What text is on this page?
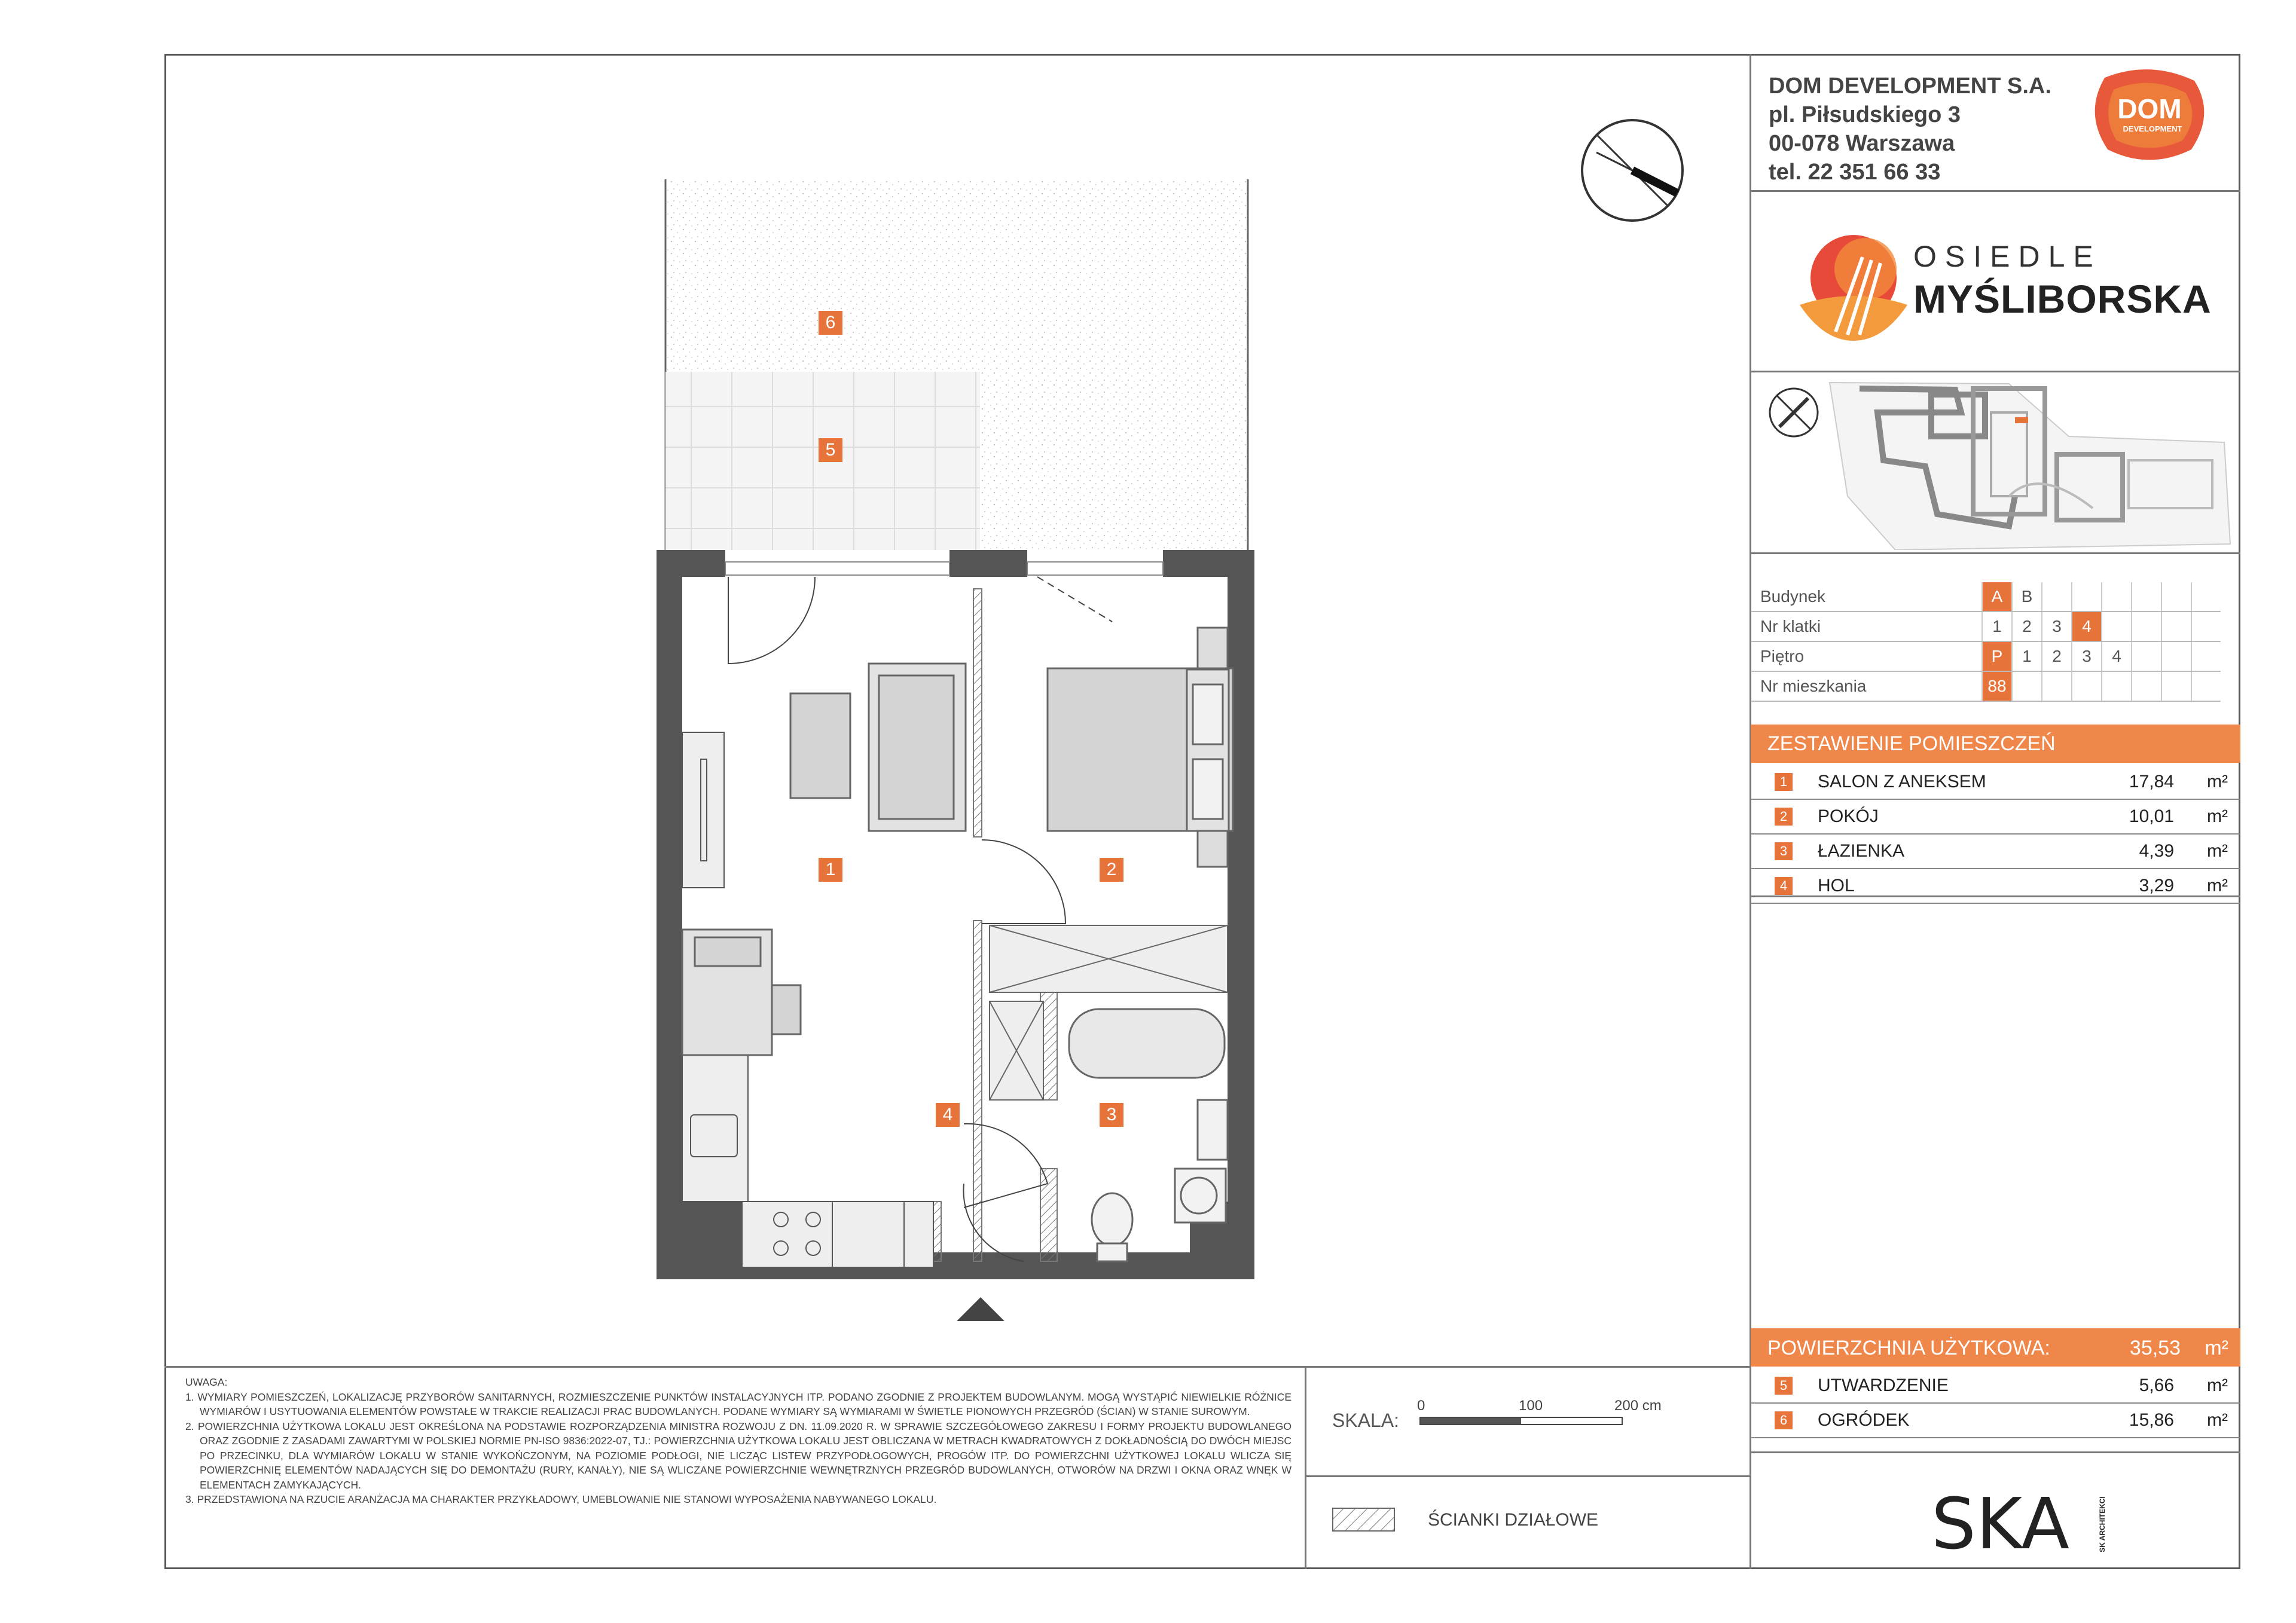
DOM DEVELOPMENT S.A.
pl. Piłsudskiego 3
00-078 Warszawa
tel. 22 351 66 33
DOM
DEVELOPMENT
OSIEDLE
MYŚLIBORSKA
Budynek	A	B						
Nr klatki	1	2	3	4				
Piętro	P	1	2	3	4			
Nr mieszkania	88							
ZESTAWIENIE POMIESZCZEŃ
1 SALON Z ANEKSEM	17,84 m²
2 POKÓJ	10,01 m²
3 ŁAZIENKA	4,39 m²
4 HOL	3,29 m²
POWIERZCHNIA UŻYTKOWA:	35,53 m²
5 UTWARDZENIE	5,66 m²
6 OGRÓDEK	15,86 m²
SKA	SK ARCHITEKCI

UWAGA:

1. WYMIARY POMIESZCZEŃ, LOKALIZACJĘ PRZYBORÓW SANITARNYCH, ROZMIESZCZENIE PUNKTÓW INSTALACYJNYCH ITP. PODANO ZGODNIE Z PROJEKTEM BUDOWLANYM. MOGĄ WYSTĄPIĆ NIEWIELKIE RÓŻNICE WYMIARÓW I USYTUOWANIA ELEMENTÓW POWSTAŁE W TRAKCIE REALIZACJI PRAC BUDOWLANYCH. PODANE WYMIARY SĄ WYMIARAMI W ŚWIETLE PIONOWYCH PRZEGRÓD (ŚCIAN) W STANIE SUROWYM.

2. POWIERZCHNIA UŻYTKOWA LOKALU JEST OKREŚLONA NA PODSTAWIE ROZPORZĄDZENIA MINISTRA ROZWOJU Z DN. 11.09.2020 R. W SPRAWIE SZCZEGÓŁOWEGO ZAKRESU I FORMY PROJEKTU BUDOWLANEGO ORAZ ZGODNIE Z ZASADAMI ZAWARTYMI W POLSKIEJ NORMIE PN-ISO 9836:2022-07, TJ.: POWIERZCHNIA UŻYTKOWA LOKALU JEST OBLICZANA W METRACH KWADRATOWYCH Z DOKŁADNOŚCIĄ DO DWÓCH MIEJSC PO PRZECINKU, DLA WYMIARÓW LOKALU W STANIE WYKOŃCZONYM, NA POZIOMIE PODŁOGI, NIE LICZĄC LISTEW PRZYPODŁOGOWYCH, PROGÓW ITP. DO POWIERZCHNI UŻYTKOWEJ LOKALU WLICZA SIĘ POWIERZCHNIĘ ELEMENTÓW NADAJĄCYCH SIĘ DO DEMONTAŻU (RURY, KANAŁY), NIE SĄ WLICZANE POWIERZCHNIE WEWNĘTRZNYCH PRZEGRÓD BUDOWLANYCH, OTWORÓW NA DRZWI I OKNA ORAZ WNĘK W ELEMENTACH ZAMYKAJĄCYCH.

3. PRZEDSTAWIONA NA RZUCIE ARANŻACJA MA CHARAKTER PRZYKŁADOWY, UMEBLOWANIE NIE STANOWI WYPOSAŻENIA NABYWANEGO LOKALU.

SKALA:
0	100	200 cm
ŚCIANKI DZIAŁOWE
6
5
1	2
3
4
